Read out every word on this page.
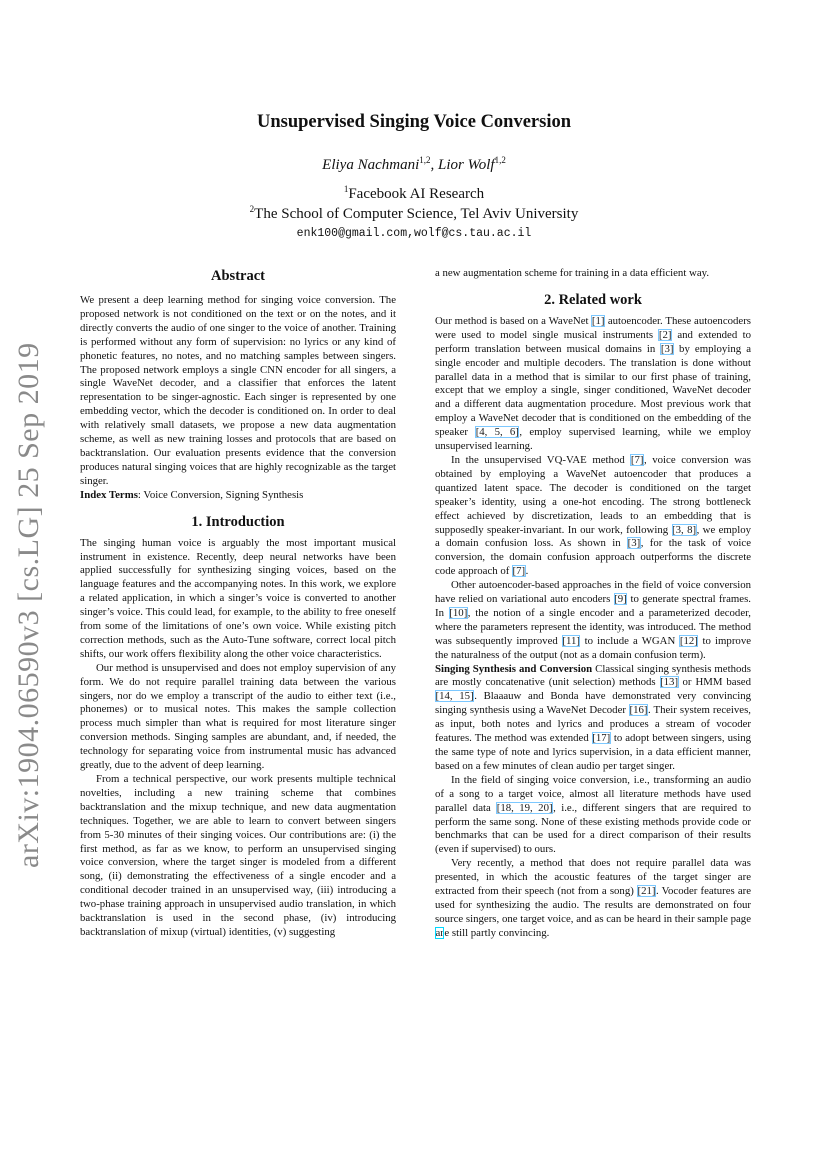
arXiv:1904.06590v3 [cs.LG] 25 Sep 2019
Unsupervised Singing Voice Conversion
Eliya Nachmani$^{1,2}$, Lior Wolf$^{1,2}$
$^1$Facebook AI Research
$^2$The School of Computer Science, Tel Aviv University
enk100@gmail.com,wolf@cs.tau.ac.il
Abstract

We present a deep learning method for singing voice conversion. The proposed network is not conditioned on the text or on the notes, and it directly converts the audio of one singer to the voice of another. Training is performed without any form of supervision: no lyrics or any kind of phonetic features, no notes, and no matching samples between singers. The proposed network employs a single CNN encoder for all singers, a single WaveNet decoder, and a classifier that enforces the latent representation to be singer-agnostic. Each singer is represented by one embedding vector, which the decoder is conditioned on. In order to deal with relatively small datasets, we propose a new data augmentation scheme, as well as new training losses and protocols that are based on backtranslation. Our evaluation presents evidence that the conversion produces natural singing voices that are highly recognizable as the target singer.

Index Terms: Voice Conversion, Signing Synthesis

1. Introduction

The singing human voice is arguably the most important musical instrument in existence. Recently, deep neural networks have been applied successfully for synthesizing singing voices, based on the language features and the accompanying notes. In this work, we explore a related application, in which a singer’s voice is converted to another singer’s voice. This could lead, for example, to the ability to free oneself from some of the limitations of one’s own voice. While existing pitch correction methods, such as the Auto-Tune software, correct local pitch shifts, our work offers flexibility along the other voice characteristics.

Our method is unsupervised and does not employ supervision of any form. We do not require parallel training data between the various singers, nor do we employ a transcript of the audio to either text (i.e., phonemes) or to musical notes. This makes the sample collection process much simpler than what is required for most literature singer conversion methods. Singing samples are abundant, and, if needed, the technology for separating voice from instrumental music has advanced greatly, due to the advent of deep learning.

From a technical perspective, our work presents multiple technical novelties, including a new training scheme that combines backtranslation and the mixup technique, and new data augmentation techniques. Together, we are able to learn to convert between singers from 5-30 minutes of their singing voices. Our contributions are: (i) the first method, as far as we know, to perform an unsupervised singing voice conversion, where the target singer is modeled from a different song, (ii) demonstrating the effectiveness of a single encoder and a conditional decoder trained in an unsupervised way, (iii) introducing a two-phase training approach in unsupervised audio translation, in which backtranslation is used in the second phase, (iv) introducing backtranslation of mixup (virtual) identities, (v) suggesting

a new augmentation scheme for training in a data efficient way.

2. Related work

Our method is based on a WaveNet [1] autoencoder. These autoencoders were used to model single musical instruments [2] and extended to perform translation between musical domains in [3] by employing a single encoder and multiple decoders. The translation is done without parallel data in a method that is similar to our first phase of training, except that we employ a single, singer conditioned, WaveNet decoder and a different data augmentation procedure. Most previous work that employ a WaveNet decoder that is conditioned on the embedding of the speaker [4, 5, 6], employ supervised learning, while we employ unsupervised learning.

In the unsupervised VQ-VAE method [7], voice conversion was obtained by employing a WaveNet autoencoder that produces a quantized latent space. The decoder is conditioned on the target speaker’s identity, using a one-hot encoding. The strong bottleneck effect achieved by discretization, leads to an embedding that is supposedly speaker-invariant. In our work, following [3, 8], we employ a domain confusion loss. As shown in [3], for the task of voice conversion, the domain confusion approach outperforms the discrete code approach of [7].

Other autoencoder-based approaches in the field of voice conversion have relied on variational auto encoders [9] to generate spectral frames. In [10], the notion of a single encoder and a parameterized decoder, where the parameters represent the identity, was introduced. The method was subsequently improved [11] to include a WGAN [12] to improve the naturalness of the output (not as a domain confusion term).

Singing Synthesis and Conversion Classical singing synthesis methods are mostly concatenative (unit selection) methods [13] or HMM based [14, 15]. Blaaauw and Bonda have demonstrated very convincing singing synthesis using a WaveNet Decoder [16]. Their system receives, as input, both notes and lyrics and produces a stream of vocoder features. The method was extended [17] to adopt between singers, using the same type of note and lyrics supervision, in a data efficient manner, based on a few minutes of clean audio per target singer.

In the field of singing voice conversion, i.e., transforming an audio of a song to a target voice, almost all literature methods have used parallel data [18, 19, 20], i.e., different singers that are required to perform the same song. None of these existing methods provide code or benchmarks that can be used for a direct comparison of their results (even if supervised) to ours.

Very recently, a method that does not require parallel data was presented, in which the acoustic features of the target singer are extracted from their speech (not from a song) [21]. Vocoder features are used for synthesizing the audio. The results are demonstrated on four source singers, one target voice, and as can be heard in their sample page are still partly convincing.
